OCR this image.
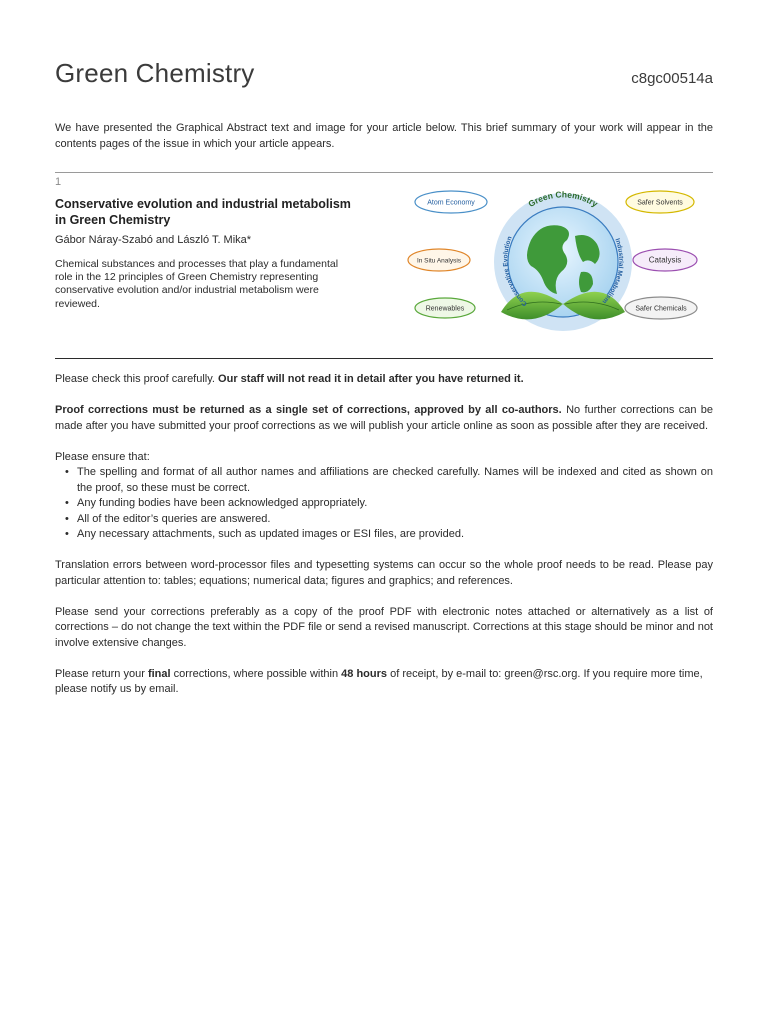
Green Chemistry	c8gc00514a
We have presented the Graphical Abstract text and image for your article below. This brief summary of your work will appear in the contents pages of the issue in which your article appears.
1
Conservative evolution and industrial metabolism in Green Chemistry
Gábor Náray-Szabó and László T. Mika*
Chemical substances and processes that play a fundamental role in the 12 principles of Green Chemistry representing conservative evolution and/or industrial metabolism were reviewed.
Green Chemistry
Conservative Evolution	Industrial Metabolism
Atom Economy	Safer Solvents
In Situ Analysis	Catalysis
Renewables	Safer Chemicals

Please check this proof carefully. Our staff will not read it in detail after you have returned it.

Proof corrections must be returned as a single set of corrections, approved by all co-authors. No further corrections can be made after you have submitted your proof corrections as we will publish your article online as soon as possible after they are received.

Please ensure that:
• The spelling and format of all author names and affiliations are checked carefully. Names will be indexed and cited as shown on the proof, so these must be correct.
• Any funding bodies have been acknowledged appropriately.
• All of the editor’s queries are answered.
• Any necessary attachments, such as updated images or ESI files, are provided.

Translation errors between word-processor files and typesetting systems can occur so the whole proof needs to be read. Please pay particular attention to: tables; equations; numerical data; figures and graphics; and references.

Please send your corrections preferably as a copy of the proof PDF with electronic notes attached or alternatively as a list of corrections – do not change the text within the PDF file or send a revised manuscript. Corrections at this stage should be minor and not involve extensive changes.

Please return your final corrections, where possible within 48 hours of receipt, by e-mail to: green@rsc.org. If you require more time, please notify us by email.
